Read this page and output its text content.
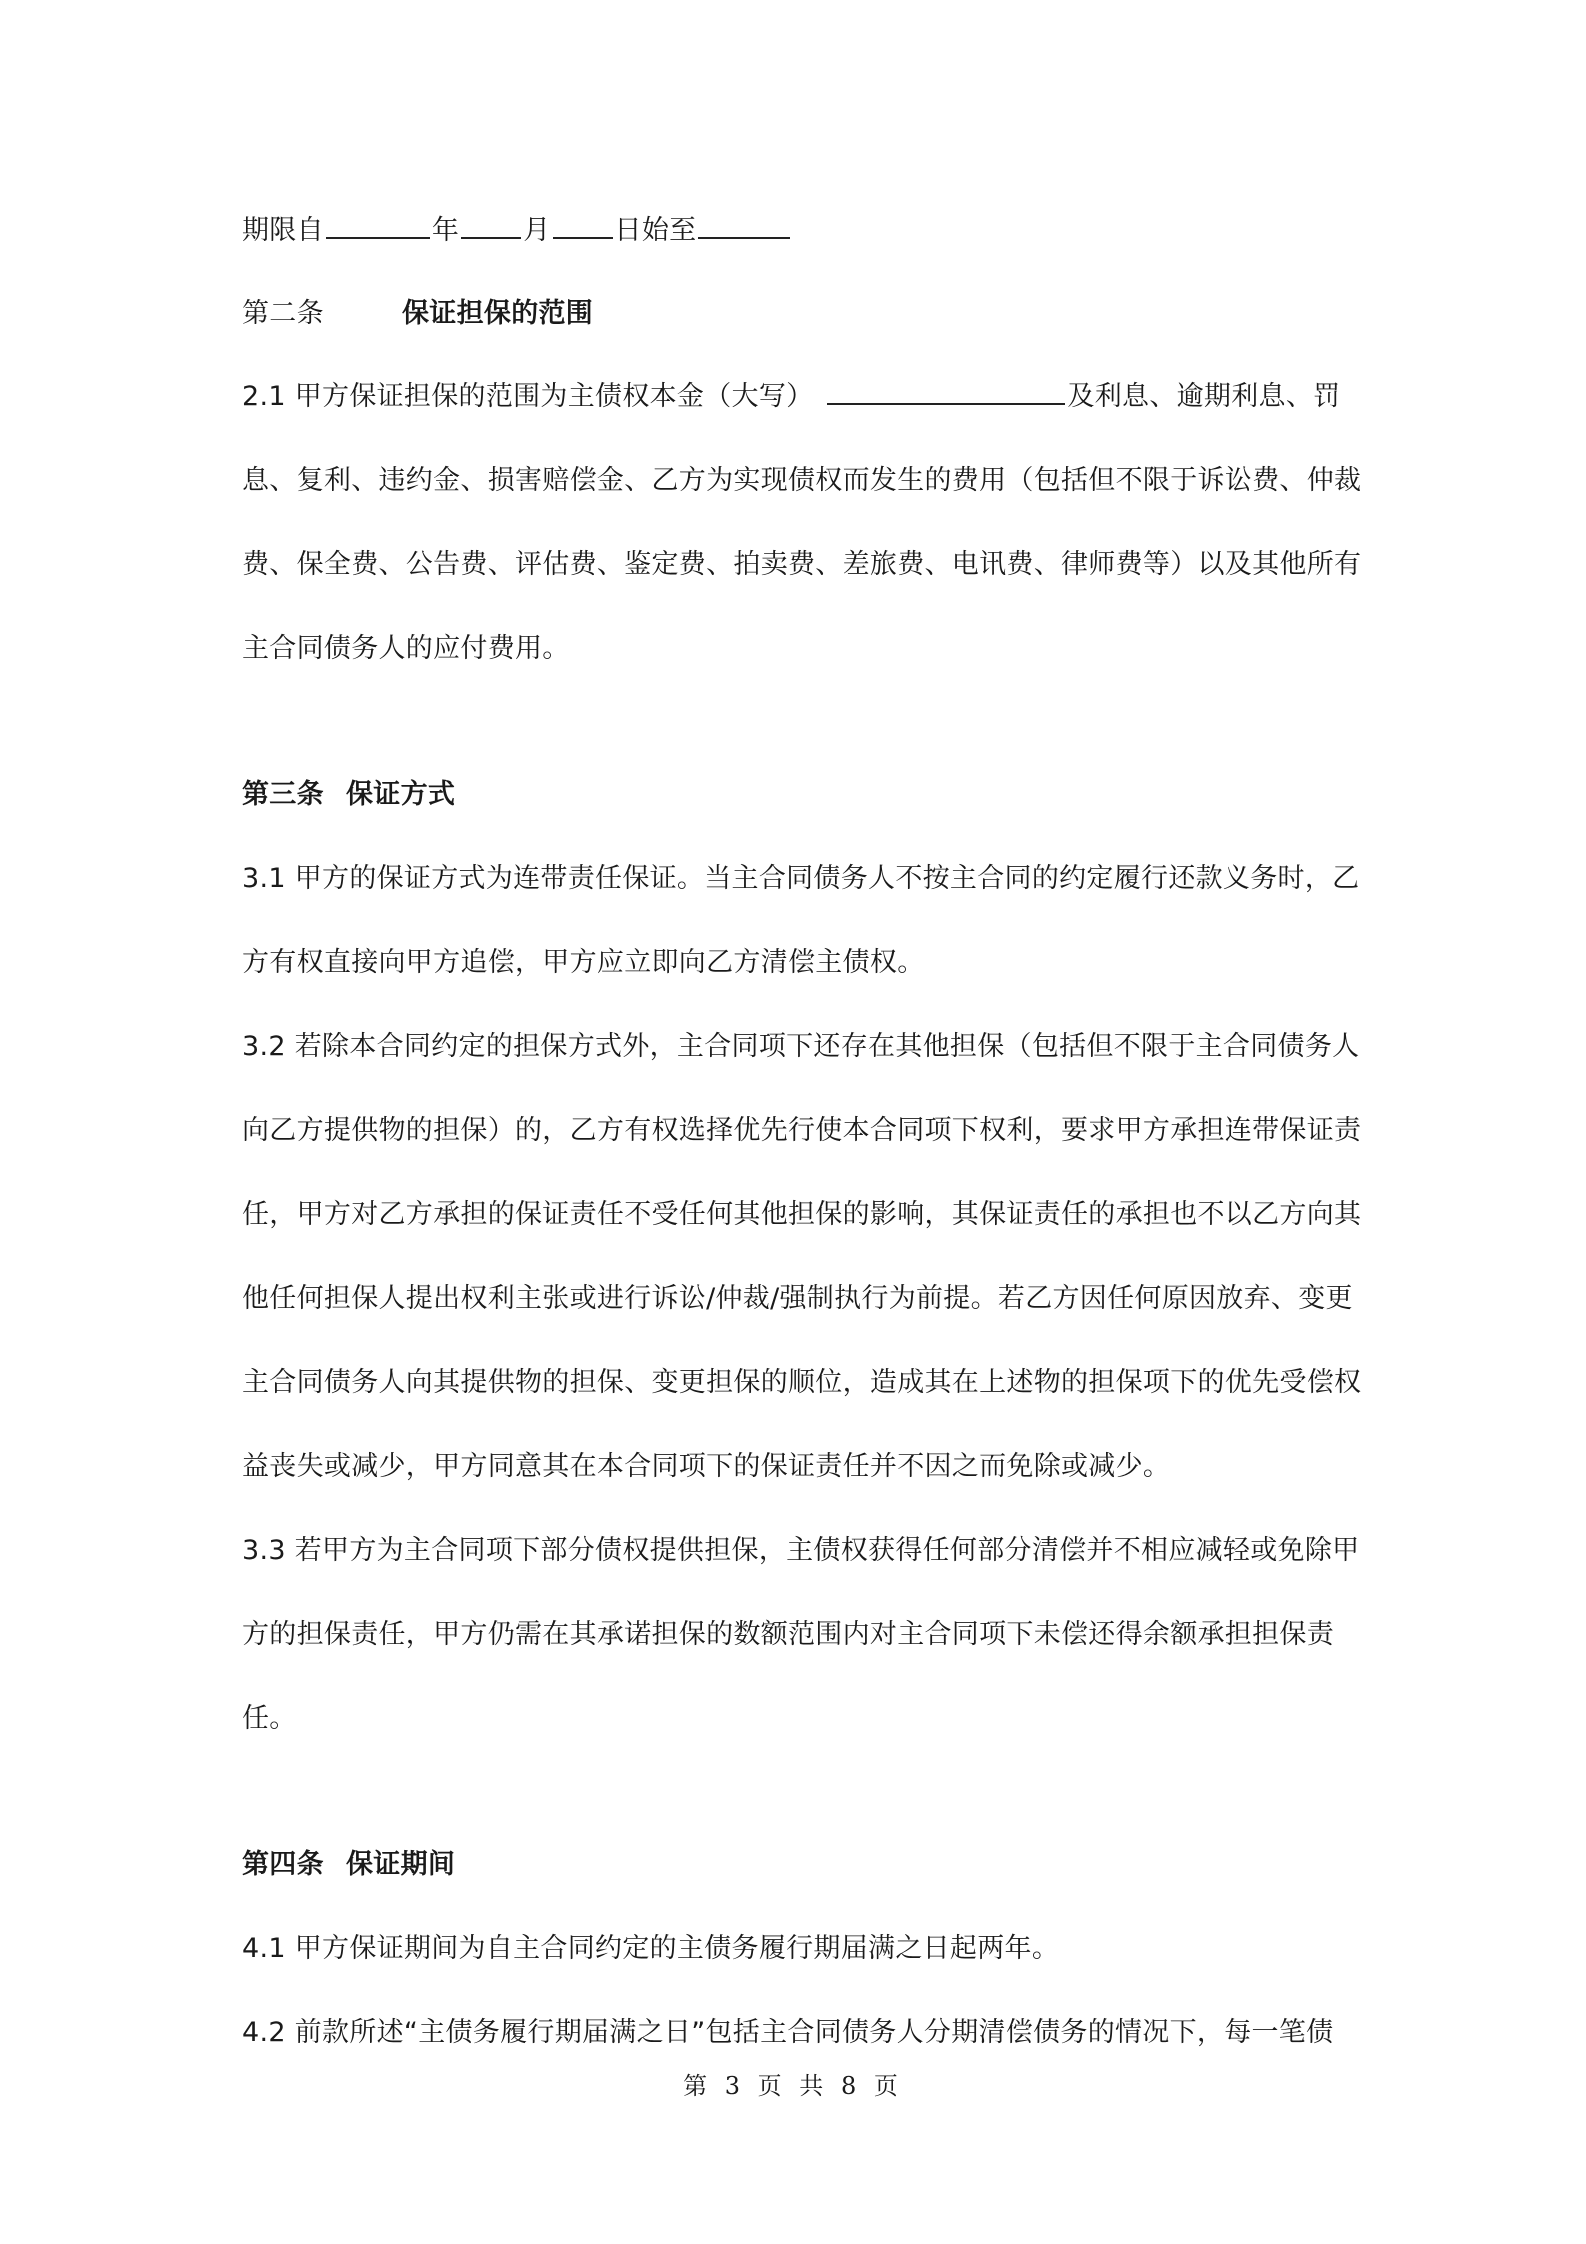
期限自	年 月 日始至
第二条	保证担保的范围
2.1 甲方保证担保的范围为主债权本金（大写）	及利息、逾期利息、罚
息、复利、违约金、损害赔偿金、乙方为实现债权而发生的费用（包括但不限于诉讼费、仲裁
费、保全费、公告费、评估费、鉴定费、拍卖费、差旅费、电讯费、律师费等）以及其他所有
主合同债务人的应付费用。
第三条 保证方式
3.1 甲方的保证方式为连带责任保证。当主合同债务人不按主合同的约定履行还款义务时，乙
方有权直接向甲方追偿，甲方应立即向乙方清偿主债权。
3.2 若除本合同约定的担保方式外，主合同项下还存在其他担保（包括但不限于主合同债务人
向乙方提供物的担保）的，乙方有权选择优先行使本合同项下权利，要求甲方承担连带保证责
任，甲方对乙方承担的保证责任不受任何其他担保的影响，其保证责任的承担也不以乙方向其
他任何担保人提出权利主张或进行诉讼/仲裁/强制执行为前提。若乙方因任何原因放弃、变更
主合同债务人向其提供物的担保、变更担保的顺位，造成其在上述物的担保项下的优先受偿权
益丧失或减少，甲方同意其在本合同项下的保证责任并不因之而免除或减少。
3.3 若甲方为主合同项下部分债权提供担保，主债权获得任何部分清偿并不相应减轻或免除甲
方的担保责任，甲方仍需在其承诺担保的数额范围内对主合同项下未偿还得余额承担担保责
任。
第四条 保证期间
4.1 甲方保证期间为自主合同约定的主债务履行期届满之日起两年。
4.2 前款所述“主债务履行期届满之日”包括主合同债务人分期清偿债务的情况下，每一笔债
第 3 页 共 8 页
